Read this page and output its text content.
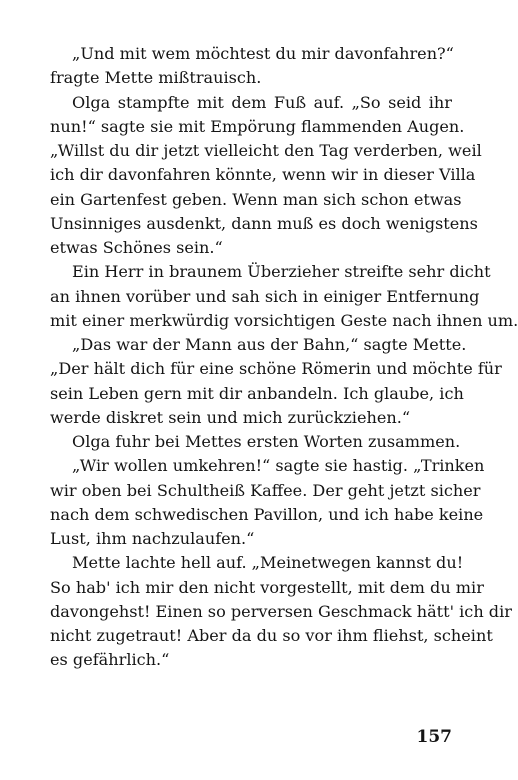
„Und mit wem möchtest du mir davonfahren?“
fragte Mette mißtrauisch.
Olga stampfte mit dem Fuß auf. „So seid ihr
nun!“ sagte sie mit Empörung flammenden Augen.
„Willst du dir jetzt vielleicht den Tag verderben, weil
ich dir davonfahren könnte, wenn wir in dieser Villa
ein Gartenfest geben. Wenn man sich schon etwas
Unsinniges ausdenkt, dann muß es doch wenigstens
etwas Schönes sein.“
Ein Herr in braunem Überzieher streifte sehr dicht
an ihnen vorüber und sah sich in einiger Entfernung
mit einer merkwürdig vorsichtigen Geste nach ihnen um.
„Das war der Mann aus der Bahn,“ sagte Mette.
„Der hält dich für eine schöne Römerin und möchte für
sein Leben gern mit dir anbandeln. Ich glaube, ich
werde diskret sein und mich zurückziehen.“
Olga fuhr bei Mettes ersten Worten zusammen.
„Wir wollen umkehren!“ sagte sie hastig. „Trinken
wir oben bei Schultheiß Kaffee. Der geht jetzt sicher
nach dem schwedischen Pavillon, und ich habe keine
Lust, ihm nachzulaufen.“
Mette lachte hell auf. „Meinetwegen kannst du!
So hab' ich mir den nicht vorgestellt, mit dem du mir
davongehst! Einen so perversen Geschmack hätt' ich dir
nicht zugetraut! Aber da du so vor ihm fliehst, scheint
es gefährlich.“
157
